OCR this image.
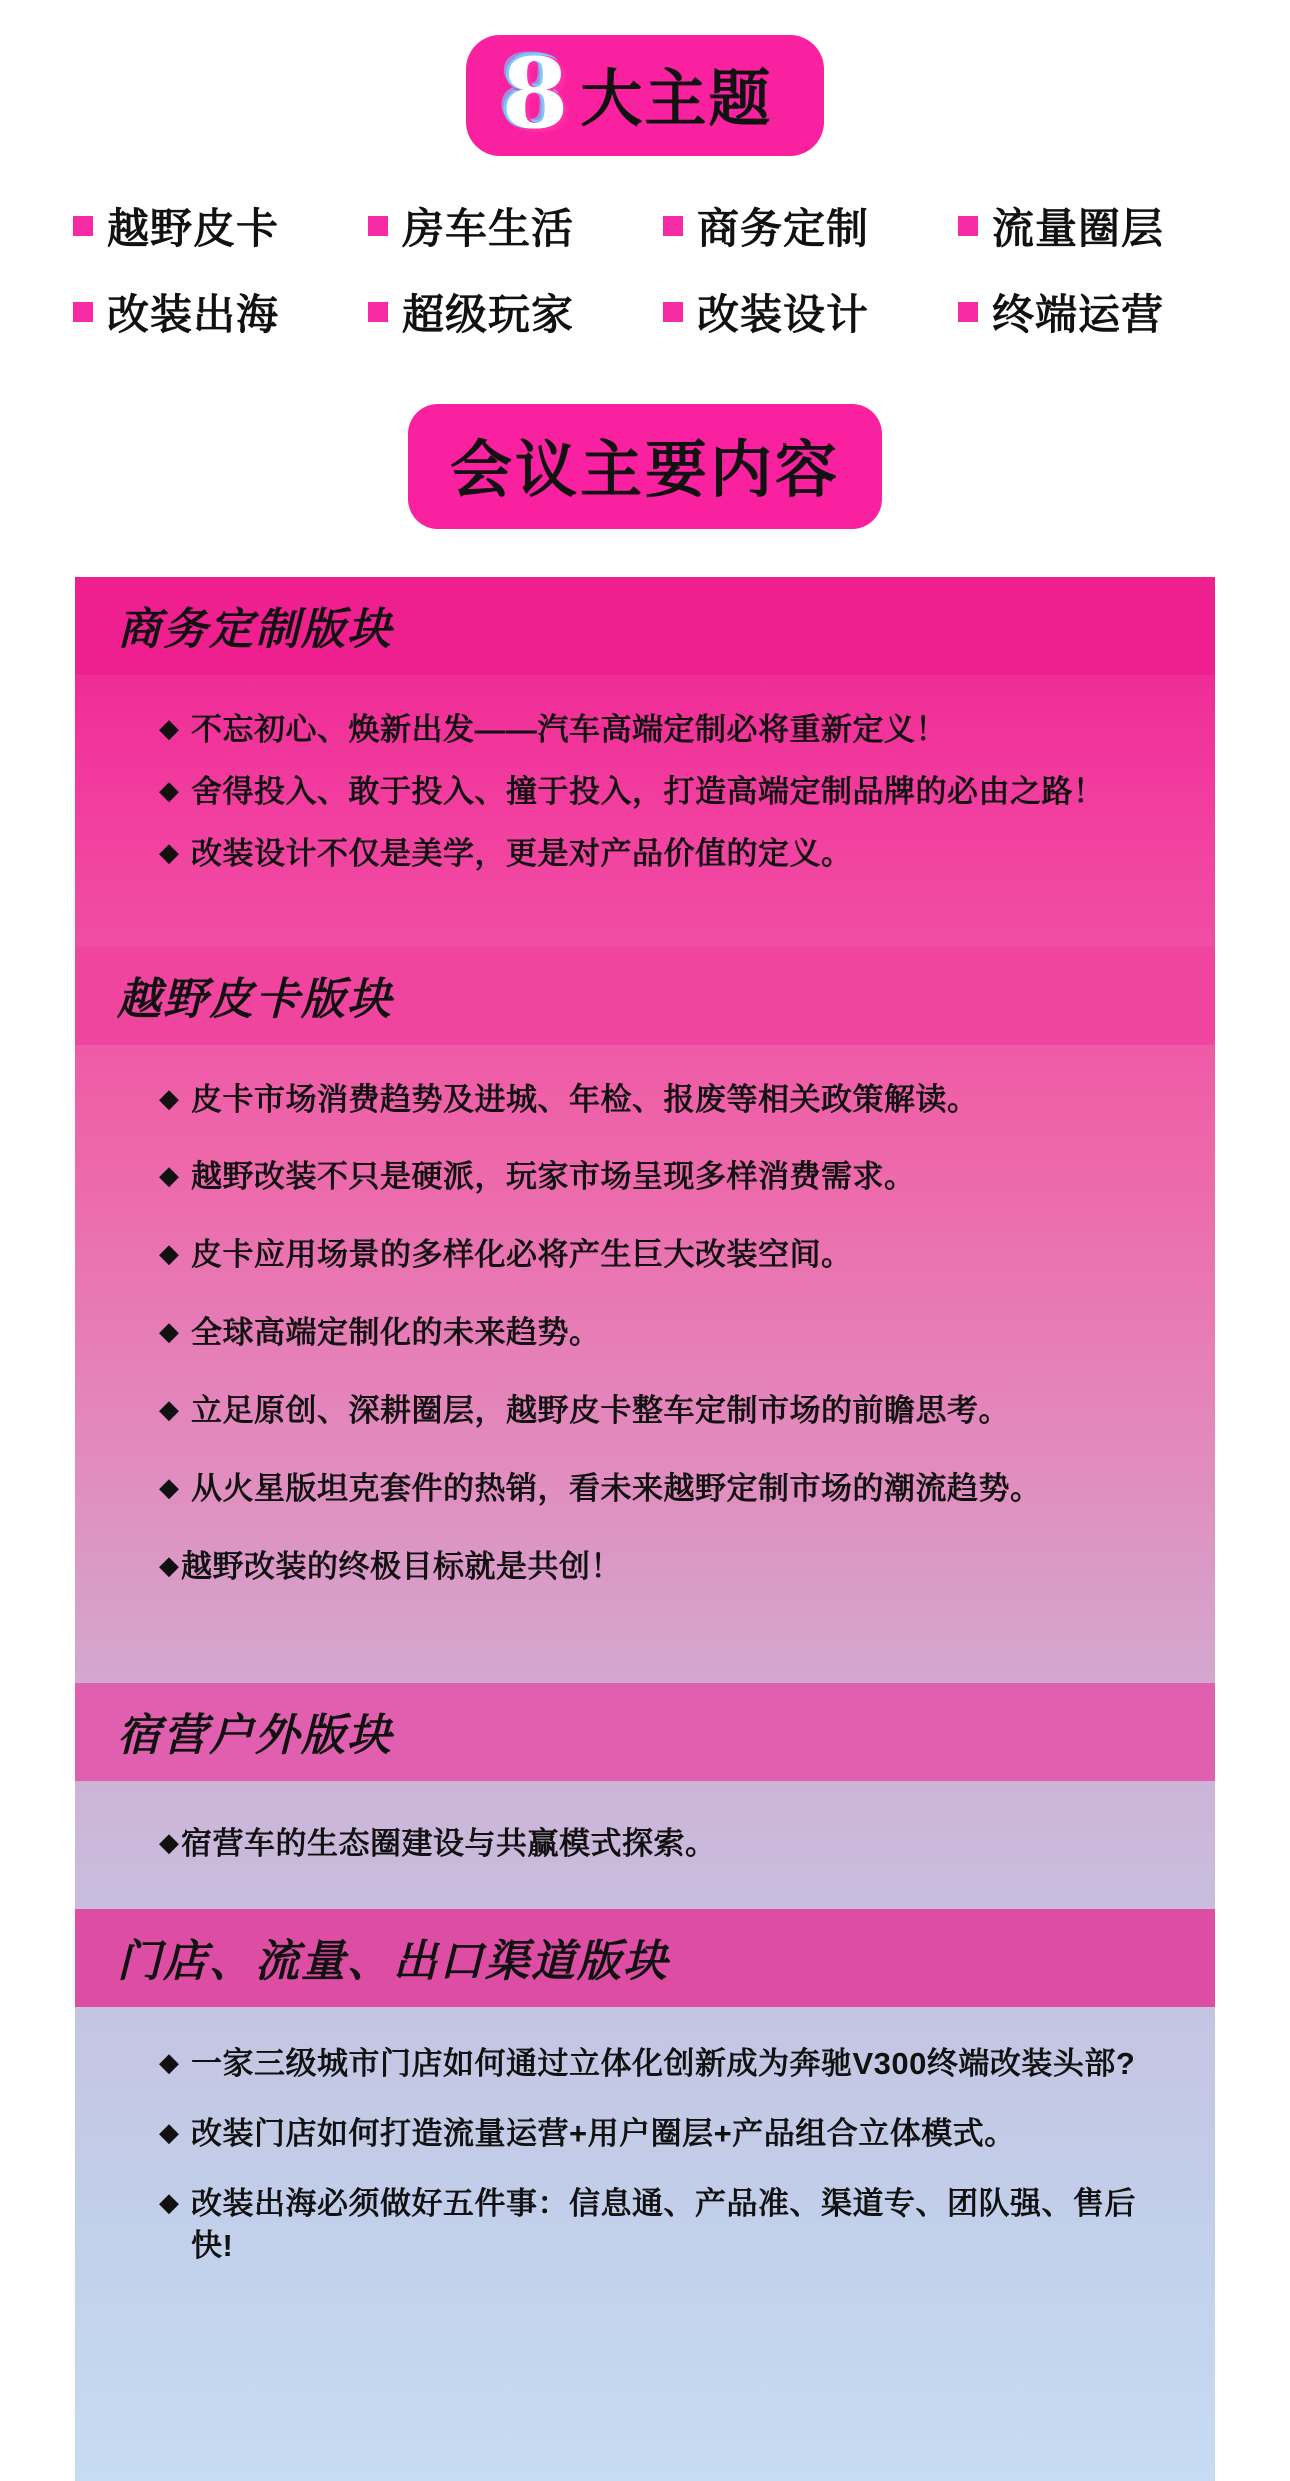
8 大主题
越野皮卡	房车生活	商务定制	流量圈层
改装出海	超级玩家	改装设计	终端运营
会议主要内容
商务定制版块
◆ 不忘初心、焕新出发——汽车高端定制必将重新定义！
◆ 舍得投入、敢于投入、撞于投入，打造高端定制品牌的必由之路！
◆ 改装设计不仅是美学，更是对产品价值的定义。
越野皮卡版块
◆ 皮卡市场消费趋势及进城、年检、报废等相关政策解读。
◆ 越野改装不只是硬派，玩家市场呈现多样消费需求。
◆ 皮卡应用场景的多样化必将产生巨大改装空间。
◆ 全球高端定制化的未来趋势。
◆ 立足原创、深耕圈层，越野皮卡整车定制市场的前瞻思考。
◆ 从火星版坦克套件的热销，看未来越野定制市场的潮流趋势。
◆ 越野改装的终极目标就是共创！
宿营户外版块
◆ 宿营车的生态圈建设与共赢模式探索。
门店、流量、出口渠道版块
◆ 一家三级城市门店如何通过立体化创新成为奔驰V300终端改装头部?
◆ 改装门店如何打造流量运营+用户圈层+产品组合立体模式。
◆ 改装出海必须做好五件事：信息通、产品准、渠道专、团队强、售后快!
